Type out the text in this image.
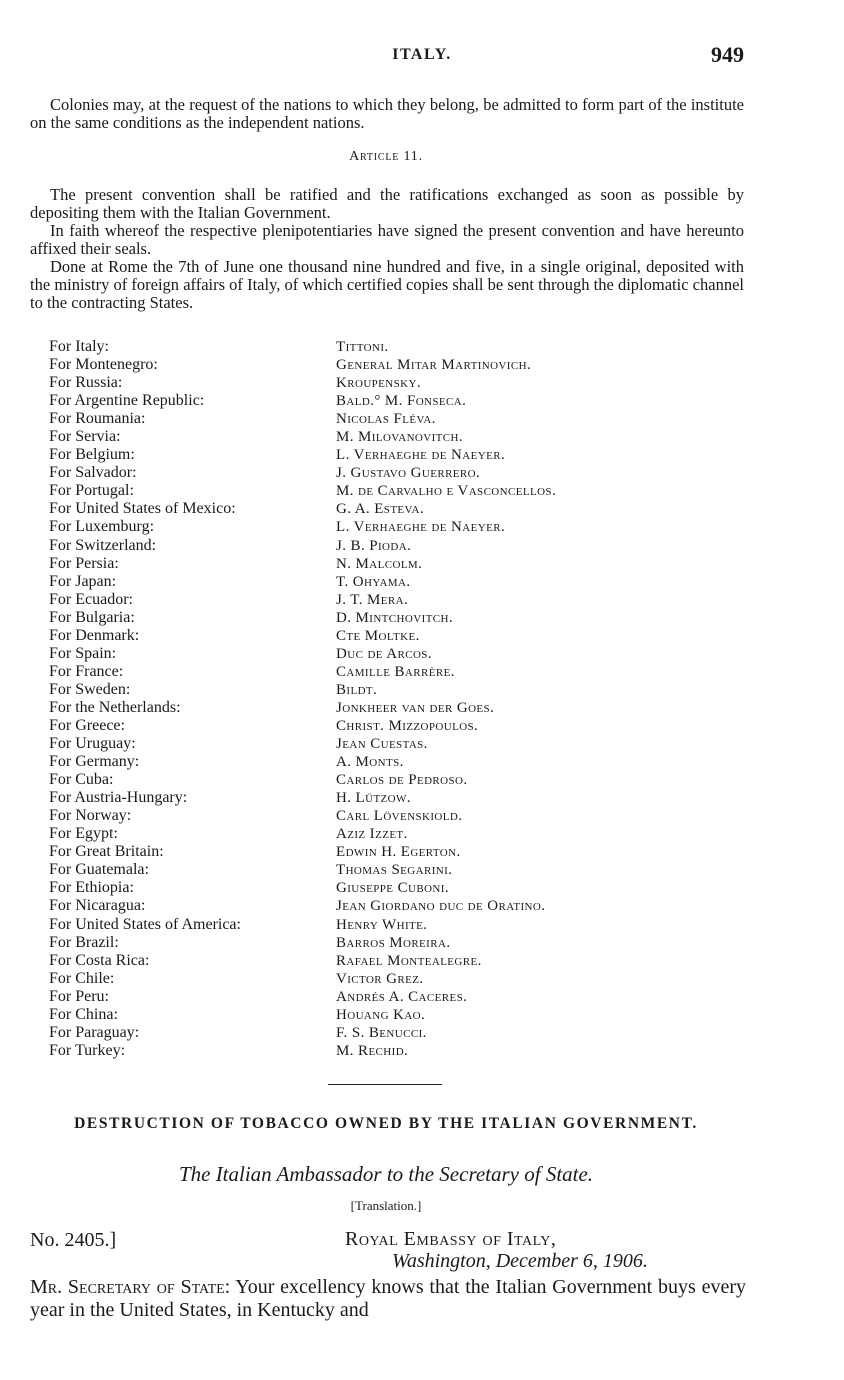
ITALY.	949

Colonies may, at the request of the nations to which they belong, be admitted to form part of the institute on the same conditions as the independent nations.

Article 11.

The present convention shall be ratified and the ratifications exchanged as soon as possible by depositing them with the Italian Government.

In faith whereof the respective plenipotentiaries have signed the present convention and have hereunto affixed their seals.

Done at Rome the 7th of June one thousand nine hundred and five, in a single original, deposited with the ministry of foreign affairs of Italy, of which certified copies shall be sent through the diplomatic channel to the contracting States.

For Italy:	Tittoni.
For Montenegro:	General Mitar Martinovich.
For Russia:	Kroupensky.
For Argentine Republic:	Bald.° M. Fonseca.
For Roumania:	Nicolas Fléva.
For Servia:	M. Milovanovitch.
For Belgium:	L. Verhaeghe de Naeyer.
For Salvador:	J. Gustavo Guerrero.
For Portugal:	M. de Carvalho e Vasconcellos.
For United States of Mexico:	G. A. Esteva.
For Luxemburg:	L. Verhaeghe de Naeyer.
For Switzerland:	J. B. Pioda.
For Persia:	N. Malcolm.
For Japan:	T. Ohyama.
For Ecuador:	J. T. Mera.
For Bulgaria:	D. Mintchovitch.
For Denmark:	Cte Moltke.
For Spain:	Duc de Arcos.
For France:	Camille Barrère.
For Sweden:	Bildt.
For the Netherlands:	Jonkheer van der Goes.
For Greece:	Christ. Mizzopoulos.
For Uruguay:	Jean Cuestas.
For Germany:	A. Monts.
For Cuba:	Carlos de Pedroso.
For Austria-Hungary:	H. Lützow.
For Norway:	Carl Lövenskiold.
For Egypt:	Aziz Izzet.
For Great Britain:	Edwin H. Egerton.
For Guatemala:	Thomas Segarini.
For Ethiopia:	Giuseppe Cuboni.
For Nicaragua:	Jean Giordano duc de Oratino.
For United States of America:	Henry White.
For Brazil:	Barros Moreira.
For Costa Rica:	Rafael Montealegre.
For Chile:	Victor Grez.
For Peru:	Andrés A. Caceres.
For China:	Houang Kao.
For Paraguay:	F. S. Benucci.
For Turkey:	M. Rechid.
DESTRUCTION OF TOBACCO OWNED BY THE ITALIAN GOVERNMENT.
The Italian Ambassador to the Secretary of State.
[Translation.]
No. 2405.]	Royal Embassy of Italy,
Washington, December 6, 1906.

Mr. Secretary of State: Your excellency knows that the Italian Government buys every year in the United States, in Kentucky and
